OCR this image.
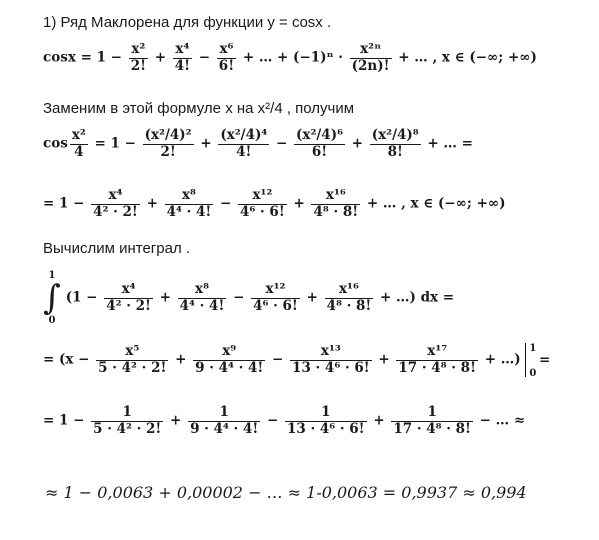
1) Ряд Маклорена для функции y = cosx .
$\cos x = 1 - \frac{\text{x²}}{2!} + \frac{\text{x⁴}}{4!} - \frac{\text{x⁶}}{6!}$ + … + $(-1)^n \cdot \frac{\text{x²ⁿ}}{(2n)!}$ + … , x ∈ (−∞; +∞)
Заменим в этой формуле x на x²/4 , получим
$\cos \frac{\text{x²}}{4} = 1 - \frac{\text{(x²/4)²}}{2!} + \frac{\text{(x²/4)⁴}}{4!} - \frac{\text{(x²/4)⁶}}{6!} + \frac{\text{(x²/4)⁸}}{8!}$ + … =
= $1 - \frac{\text{x⁴}}{\text{4² · 2!}} + \frac{\text{x⁸}}{\text{4⁴ · 4!}} - \frac{\text{x¹²}}{\text{4⁶ · 6!}} + \frac{\text{x¹⁶}}{\text{4⁸ · 8!}}$ + … , x ∈ (−∞; +∞)
Вычислим интеграл .
1
∫
0
($1 - \frac{\text{x⁴}}{\text{4² · 2!}} + \frac{\text{x⁸}}{\text{4⁴ · 4!}} - \frac{\text{x¹²}}{\text{4⁶ · 6!}} + \frac{\text{x¹⁶}}{\text{4⁸ · 8!}}$ + …) dx =
= ($x - \frac{\text{x⁵}}{\text{5 · 4² · 2!}} + \frac{\text{x⁹}}{\text{9 · 4⁴ · 4!}} - \frac{\text{x¹³}}{\text{13 · 4⁶ · 6!}} + \frac{\text{x¹⁷}}{\text{17 · 4⁸ · 8!}}$ + …)
1
0
=
= $1 - \frac{1}{\text{5 · 4² · 2!}} + \frac{1}{\text{9 · 4⁴ · 4!}} - \frac{1}{\text{13 · 4⁶ · 6!}} + \frac{1}{\text{17 · 4⁸ · 8!}}$ − … ≈
≈ 1 − 0,0063 + 0,00002 − … ≈ 1-0,0063 = 0,9937 ≈ 0,994
